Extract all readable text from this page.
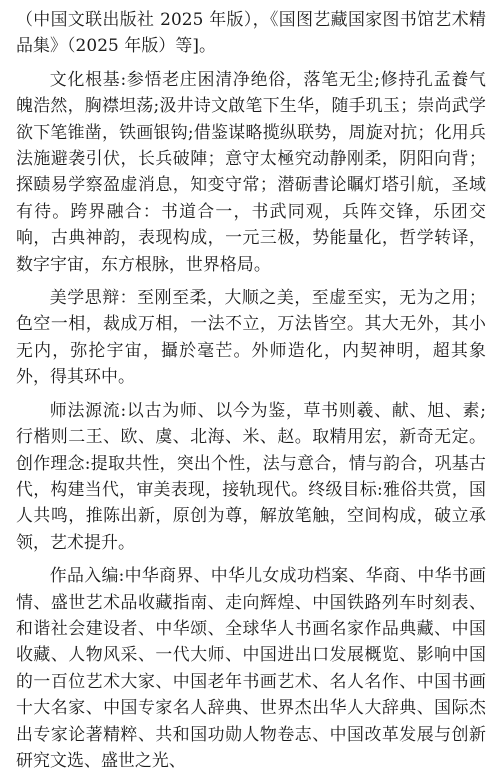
（中国文联出版社 2025 年版），《国图艺藏国家图书馆艺术精品集》（2025 年版）等]。

文化根基:参悟老庄困清净绝俗，落笔无尘;修持孔孟養气魄浩然，胸襟坦荡;汲井诗文啟笔下生华，随手玑玉；崇尚武学欲下笔锥凿，铁画银钩;借鉴谋略揽纵联势，周旋对抗；化用兵法施避袭引伏，长兵破陣；意守太極究动静刚柔，阴阳向背；探赜易学察盈虚消息，知变守常；潜砺書论瞩灯塔引航，圣域有待。跨界融合：书道合一，书武同观，兵阵交锋，乐团交响，古典神韵，表现构成，一元三极，势能量化，哲学转译，数字宇宙，东方根脉，世界格局。

美学思辩：至刚至柔，大顺之美，至虚至实，无为之用；色空一相，裁成万相，一法不立，万法皆空。其大无外，其小无内，弥抡宇宙，攝於毫芒。外师造化，内契神明，超其象外，得其环中。

师法源流:以古为师、以今为鉴，草书则羲、献、旭、素;行楷则二王、欧、虞、北海、米、赵。取精用宏，新奇无定。创作理念:提取共性，突出个性，法与意合，情与韵合，巩基古代，构建当代，审美表现，接轨现代。终级目标:雅俗共赏，国人共鸣，推陈出新，原创为尊，解放笔触，空间构成，破立承领，艺术提升。

作品入编:中华商界、中华儿女成功档案、华商、中华书画情、盛世艺术品收藏指南、走向辉煌、中国铁路列车时刻表、和谐社会建设者、中华颂、全球华人书画名家作品典藏、中国收藏、人物风采、一代大师、中国进出口发展概览、影响中国的一百位艺术大家、中国老年书画艺术、名人名作、中国书画十大名家、中国专家名人辞典、世界杰出华人大辞典、国际杰出专家论著精粹、共和国功勋人物卷志、中国改革发展与创新研究文选、盛世之光、
